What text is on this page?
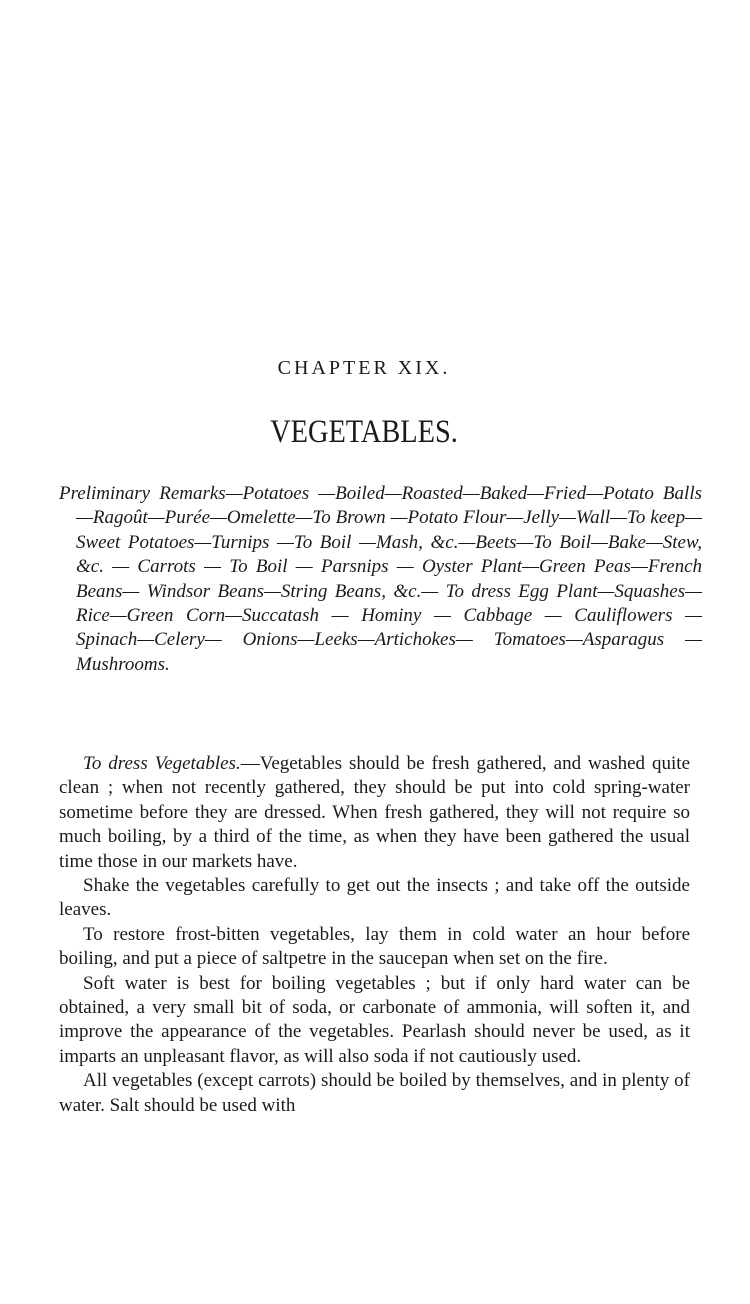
CHAPTER XIX.
VEGETABLES.
Preliminary Remarks—Potatoes —Boiled—Roasted—Baked—Fried—Potato Balls—Ragoût—Purée—Omelette—To Brown —Potato Flour—Jelly—Wall—To keep—Sweet Potatoes—Turnips —To Boil —Mash, &c.—Beets—To Boil—Bake—Stew, &c. — Carrots — To Boil — Parsnips — Oyster Plant—Green Peas—French Beans— Windsor Beans—String Beans, &c.— To dress Egg Plant—Squashes—Rice—Green Corn—Succatash — Hominy — Cabbage — Cauliflowers — Spinach—Celery— Onions—Leeks—Artichokes— Tomatoes—Asparagus —Mushrooms.

To dress Vegetables.—Vegetables should be fresh gathered, and washed quite clean ; when not recently gathered, they should be put into cold spring-water sometime before they are dressed. When fresh gathered, they will not require so much boiling, by a third of the time, as when they have been gathered the usual time those in our markets have.

Shake the vegetables carefully to get out the insects ; and take off the outside leaves.

To restore frost-bitten vegetables, lay them in cold water an hour before boiling, and put a piece of saltpetre in the saucepan when set on the fire.

Soft water is best for boiling vegetables ; but if only hard water can be obtained, a very small bit of soda, or carbonate of ammonia, will soften it, and improve the appearance of the vegetables. Pearlash should never be used, as it imparts an unpleasant flavor, as will also soda if not cautiously used.

All vegetables (except carrots) should be boiled by themselves, and in plenty of water. Salt should be used with
